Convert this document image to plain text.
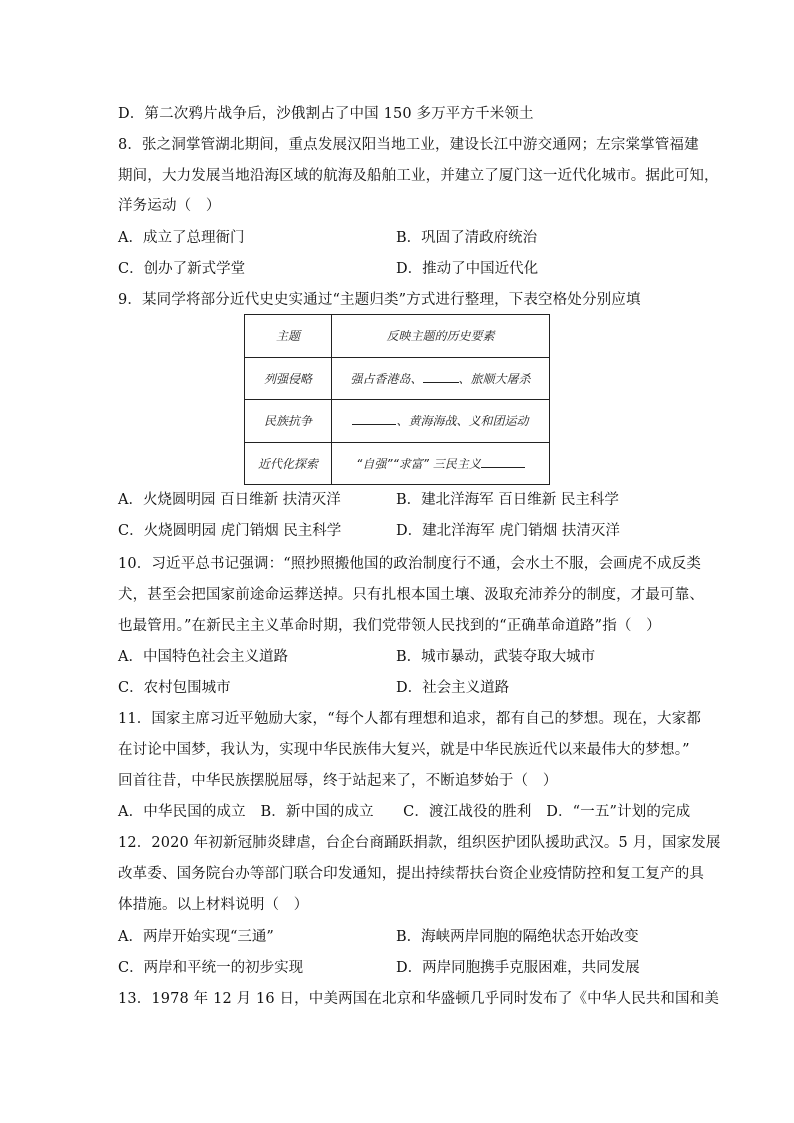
D．第二次鸦片战争后，沙俄割占了中国 150 多万平方千米领土
8．张之洞掌管湖北期间，重点发展汉阳当地工业，建设长江中游交通网；左宗棠掌管福建
期间，大力发展当地沿海区域的航海及船舶工业，并建立了厦门这一近代化城市。据此可知，
洋务运动（　）
A．成立了总理衙门	B．巩固了清政府统治
C．创办了新式学堂	D．推动了中国近代化
9．某同学将部分近代史史实通过“主题归类”方式进行整理，下表空格处分别应填
主题	反映主题的历史要素
列强侵略	强占香港岛、 、旅顺大屠杀
民族抗争	、黄海海战、义和团运动
近代化探索	“自强”“求富” 三民主义
A．火烧圆明园 百日维新 扶清灭洋	B．建北洋海军 百日维新 民主科学
C．火烧圆明园 虎门销烟 民主科学	D．建北洋海军 虎门销烟 扶清灭洋
10．习近平总书记强调：“照抄照搬他国的政治制度行不通，会水土不服，会画虎不成反类
犬，甚至会把国家前途命运葬送掉。只有扎根本国土壤、汲取充沛养分的制度，才最可靠、
也最管用。”在新民主主义革命时期，我们党带领人民找到的“正确革命道路”指（　）
A．中国特色社会主义道路	B．城市暴动，武装夺取大城市
C．农村包围城市	D．社会主义道路
11．国家主席习近平勉励大家，“每个人都有理想和追求，都有自己的梦想。现在，大家都
在讨论中国梦，我认为，实现中华民族伟大复兴，就是中华民族近代以来最伟大的梦想。”
回首往昔，中华民族摆脱屈辱，终于站起来了，不断追梦始于（　）
A．中华民国的成立　B．新中国的成立　　C．渡江战役的胜利　D．“一五”计划的完成
12．2020 年初新冠肺炎肆虐，台企台商踊跃捐款，组织医护团队援助武汉。5 月，国家发展
改革委、国务院台办等部门联合印发通知，提出持续帮扶台资企业疫情防控和复工复产的具
体措施。以上材料说明（　）
A．两岸开始实现“三通”	B．海峡两岸同胞的隔绝状态开始改变
C．两岸和平统一的初步实现	D．两岸同胞携手克服困难，共同发展
13．1978 年 12 月 16 日，中美两国在北京和华盛顿几乎同时发布了《中华人民共和国和美
